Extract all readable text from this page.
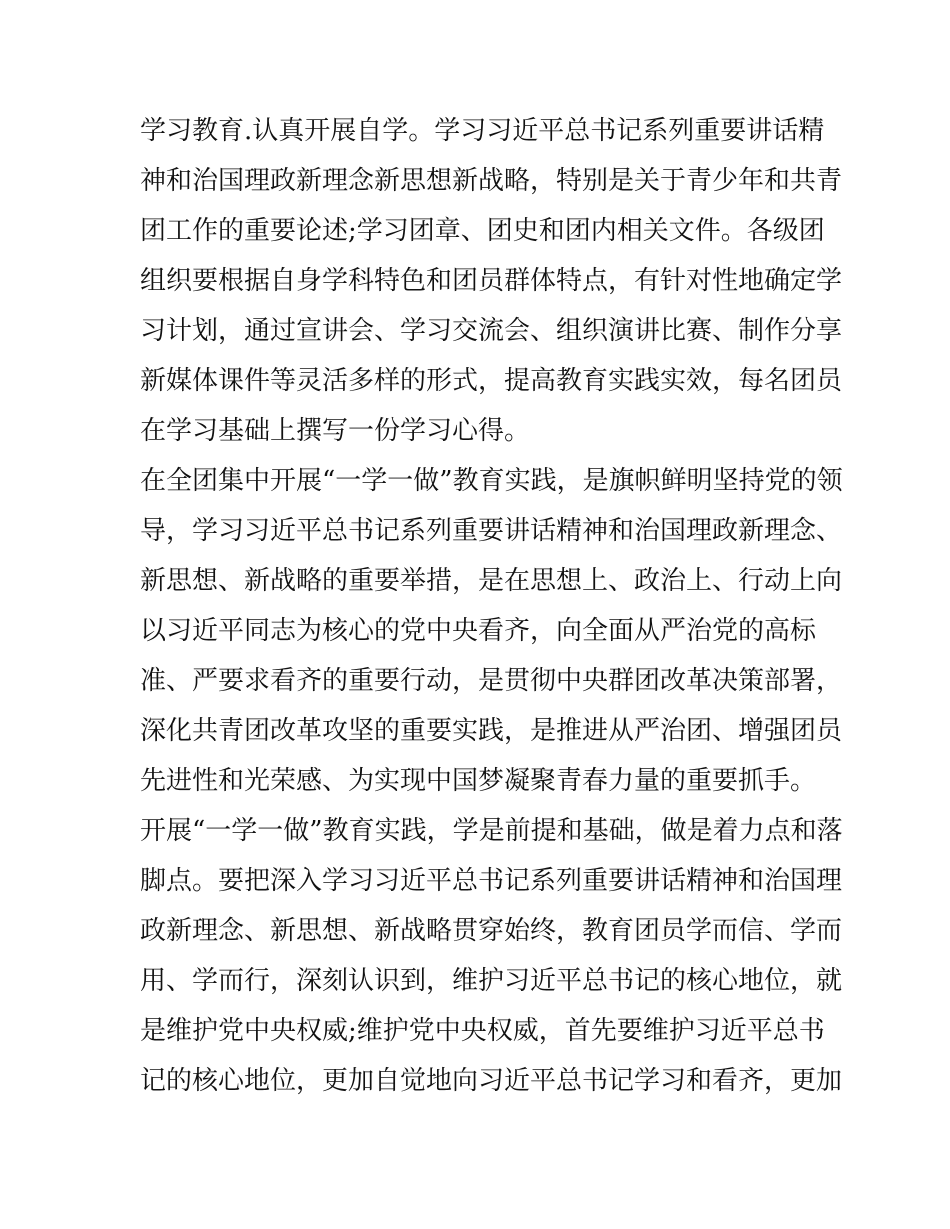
学习教育.认真开展自学。学习习近平总书记系列重要讲话精
神和治国理政新理念新思想新战略，特别是关于青少年和共青
团工作的重要论述;学习团章、团史和团内相关文件。各级团
组织要根据自身学科特色和团员群体特点，有针对性地确定学
习计划，通过宣讲会、学习交流会、组织演讲比赛、制作分享
新媒体课件等灵活多样的形式，提高教育实践实效，每名团员
在学习基础上撰写一份学习心得。
在全团集中开展“一学一做”教育实践，是旗帜鲜明坚持党的领
导，学习习近平总书记系列重要讲话精神和治国理政新理念、
新思想、新战略的重要举措，是在思想上、政治上、行动上向
以习近平同志为核心的党中央看齐，向全面从严治党的高标
准、严要求看齐的重要行动，是贯彻中央群团改革决策部署，
深化共青团改革攻坚的重要实践，是推进从严治团、增强团员
先进性和光荣感、为实现中国梦凝聚青春力量的重要抓手。
开展“一学一做”教育实践，学是前提和基础，做是着力点和落
脚点。要把深入学习习近平总书记系列重要讲话精神和治国理
政新理念、新思想、新战略贯穿始终，教育团员学而信、学而
用、学而行，深刻认识到，维护习近平总书记的核心地位，就
是维护党中央权威;维护党中央权威，首先要维护习近平总书
记的核心地位，更加自觉地向习近平总书记学习和看齐，更加
